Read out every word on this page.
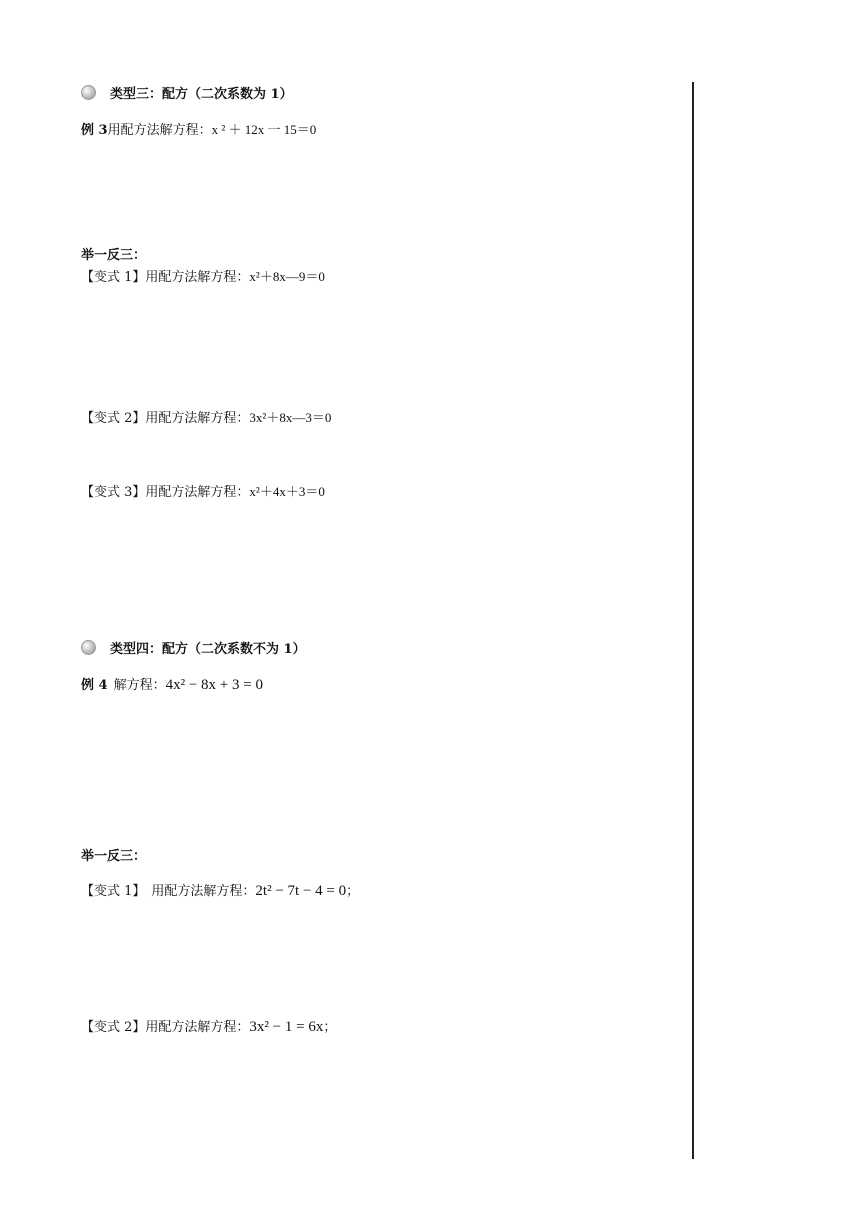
类型三：配方（二次系数为 1）
例 3用配方法解方程：x ² ＋ 12x 一 15＝0
举一反三：
【变式 1】用配方法解方程：x²＋8x—9＝0
【变式 2】用配方法解方程：3x²＋8x—3＝0
【变式 3】用配方法解方程：x²＋4x＋3＝0
类型四：配方（二次系数不为 1）
例 4 解方程：4x² − 8x + 3 = 0
举一反三：
【变式 1】 用配方法解方程：2t² − 7t − 4 = 0；
【变式 2】用配方法解方程：3x² − 1 = 6x；
